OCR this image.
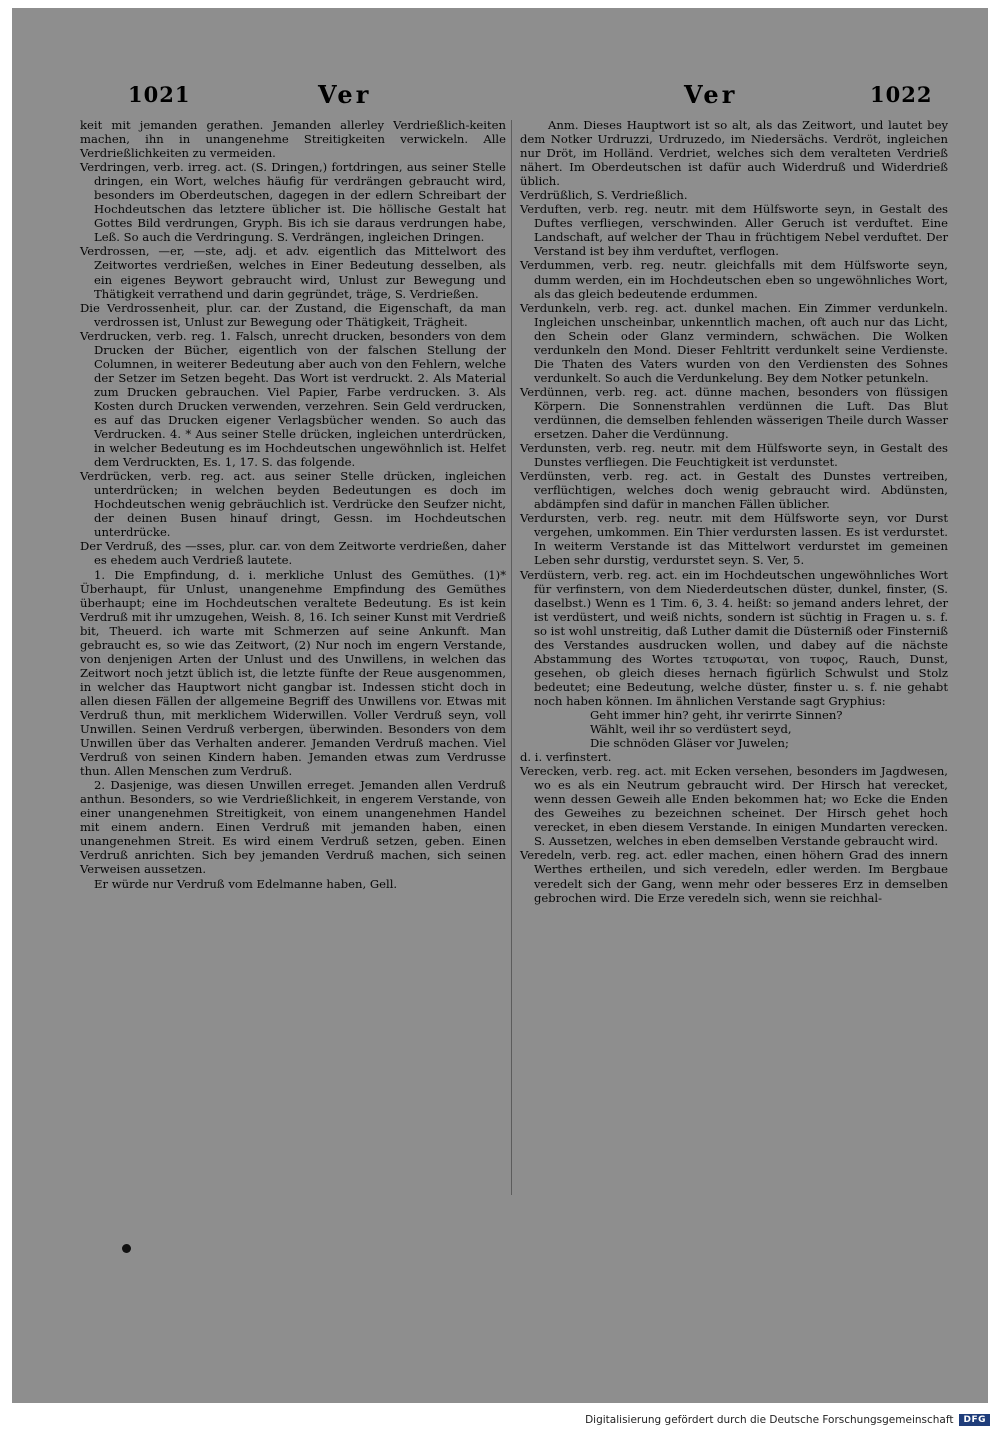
1021	Ver	Ver	1022

keit mit jemanden gerathen. Jemanden allerley Verdrießlich-keiten machen, ihn in unangenehme Streitigkeiten verwickeln. Alle Verdrießlichkeiten zu vermeiden.

Verdringen, verb. irreg. act. (S. Dringen,) fortdringen, aus seiner Stelle dringen, ein Wort, welches häufig für verdrängen gebraucht wird, besonders im Oberdeutschen, dagegen in der edlern Schreibart der Hochdeutschen das letztere üblicher ist. Die höllische Gestalt hat Gottes Bild verdrungen, Gryph. Bis ich sie daraus verdrungen habe, Leß. So auch die Verdringung. S. Verdrängen, ingleichen Dringen.

Verdrossen, —er, —ste, adj. et adv. eigentlich das Mittelwort des Zeitwortes verdrießen, welches in Einer Bedeutung desselben, als ein eigenes Beywort gebraucht wird, Unlust zur Bewegung und Thätigkeit verrathend und darin gegründet, träge, S. Verdrießen.

Die Verdrossenheit, plur. car. der Zustand, die Eigenschaft, da man verdrossen ist, Unlust zur Bewegung oder Thätigkeit, Trägheit.

Verdrucken, verb. reg. 1. Falsch, unrecht drucken, besonders von dem Drucken der Bücher, eigentlich von der falschen Stellung der Columnen, in weiterer Bedeutung aber auch von den Fehlern, welche der Setzer im Setzen begeht. Das Wort ist verdruckt. 2. Als Material zum Drucken gebrauchen. Viel Papier, Farbe verdrucken. 3. Als Kosten durch Drucken verwenden, verzehren. Sein Geld verdrucken, es auf das Drucken eigener Verlagsbücher wenden. So auch das Verdrucken. 4. * Aus seiner Stelle drücken, ingleichen unterdrücken, in welcher Bedeutung es im Hochdeutschen ungewöhnlich ist. Helfet dem Verdruckten, Es. 1, 17. S. das folgende.

Verdrücken, verb. reg. act. aus seiner Stelle drücken, ingleichen unterdrücken; in welchen beyden Bedeutungen es doch im Hochdeutschen wenig gebräuchlich ist. Verdrücke den Seufzer nicht, der deinen Busen hinauf dringt, Gessn. im Hochdeutschen unterdrücke.

Der Verdruß, des —sses, plur. car. von dem Zeitworte verdrießen, daher es ehedem auch Verdrieß lautete.

1. Die Empfindung, d. i. merkliche Unlust des Gemüthes. (1)* Überhaupt, für Unlust, unangenehme Empfindung des Gemüthes überhaupt; eine im Hochdeutschen veraltete Bedeutung. Es ist kein Verdruß mit ihr umzugehen, Weish. 8, 16. Ich seiner Kunst mit Verdrieß bit, Theuerd. ich warte mit Schmerzen auf seine Ankunft. Man gebraucht es, so wie das Zeitwort, (2) Nur noch im engern Verstande, von denjenigen Arten der Unlust und des Unwillens, in welchen das Zeitwort noch jetzt üblich ist, die letzte fünfte der Reue ausgenommen, in welcher das Hauptwort nicht gangbar ist. Indessen sticht doch in allen diesen Fällen der allgemeine Begriff des Unwillens vor. Etwas mit Verdruß thun, mit merklichem Widerwillen. Voller Verdruß seyn, voll Unwillen. Seinen Verdruß verbergen, überwinden. Besonders von dem Unwillen über das Verhalten anderer. Jemanden Verdruß machen. Viel Verdruß von seinen Kindern haben. Jemanden etwas zum Verdrusse thun. Allen Menschen zum Verdruß.

2. Dasjenige, was diesen Unwillen erreget. Jemanden allen Verdruß anthun. Besonders, so wie Verdrießlichkeit, in engerem Verstande, von einer unangenehmen Streitigkeit, von einem unangenehmen Handel mit einem andern. Einen Verdruß mit jemanden haben, einen unangenehmen Streit. Es wird einem Verdruß setzen, geben. Einen Verdruß anrichten. Sich bey jemanden Verdruß machen, sich seinen Verweisen aussetzen.

Er würde nur Verdruß vom Edelmanne haben, Gell.

Anm. Dieses Hauptwort ist so alt, als das Zeitwort, und lautet bey dem Notker Urdruzzi, Urdruzedo, im Niedersächs. Verdröt, ingleichen nur Dröt, im Holländ. Verdriet, welches sich dem veralteten Verdrieß nähert. Im Oberdeutschen ist dafür auch Widerdruß und Widerdrieß üblich.

Verdrüßlich, S. Verdrießlich.

Verduften, verb. reg. neutr. mit dem Hülfsworte seyn, in Gestalt des Duftes verfliegen, verschwinden. Aller Geruch ist verduftet. Eine Landschaft, auf welcher der Thau in früchtigem Nebel verduftet. Der Verstand ist bey ihm verduftet, verflogen.

Verdummen, verb. reg. neutr. gleichfalls mit dem Hülfsworte seyn, dumm werden, ein im Hochdeutschen eben so ungewöhnliches Wort, als das gleich bedeutende erdummen.

Verdunkeln, verb. reg. act. dunkel machen. Ein Zimmer verdunkeln. Ingleichen unscheinbar, unkenntlich machen, oft auch nur das Licht, den Schein oder Glanz vermindern, schwächen. Die Wolken verdunkeln den Mond. Dieser Fehltritt verdunkelt seine Verdienste. Die Thaten des Vaters wurden von den Verdiensten des Sohnes verdunkelt. So auch die Verdunkelung. Bey dem Notker petunkeln.

Verdünnen, verb. reg. act. dünne machen, besonders von flüssigen Körpern. Die Sonnenstrahlen verdünnen die Luft. Das Blut verdünnen, die demselben fehlenden wässerigen Theile durch Wasser ersetzen. Daher die Verdünnung.

Verdunsten, verb. reg. neutr. mit dem Hülfsworte seyn, in Gestalt des Dunstes verfliegen. Die Feuchtigkeit ist verdunstet.

Verdünsten, verb. reg. act. in Gestalt des Dunstes vertreiben, verflüchtigen, welches doch wenig gebraucht wird. Abdünsten, abdämpfen sind dafür in manchen Fällen üblicher.

Verdursten, verb. reg. neutr. mit dem Hülfsworte seyn, vor Durst vergehen, umkommen. Ein Thier verdursten lassen. Es ist verdurstet. In weiterm Verstande ist das Mittelwort verdurstet im gemeinen Leben sehr durstig, verdurstet seyn. S. Ver, 5.

Verdüstern, verb. reg. act. ein im Hochdeutschen ungewöhnliches Wort für verfinstern, von dem Niederdeutschen düster, dunkel, finster, (S. daselbst.) Wenn es 1 Tim. 6, 3. 4. heißt: so jemand anders lehret, der ist verdüstert, und weiß nichts, sondern ist süchtig in Fragen u. s. f. so ist wohl unstreitig, daß Luther damit die Düsterniß oder Finsterniß des Verstandes ausdrucken wollen, und dabey auf die nächste Abstammung des Wortes τετυφωται, von τυφος, Rauch, Dunst, gesehen, ob gleich dieses hernach figürlich Schwulst und Stolz bedeutet; eine Bedeutung, welche düster, finster u. s. f. nie gehabt noch haben können. Im ähnlichen Verstande sagt Gryphius:

Geht immer hin? geht, ihr verirrte Sinnen?

Wählt, weil ihr so verdüstert seyd,

Die schnöden Gläser vor Juwelen;

d. i. verfinstert.

Verecken, verb. reg. act. mit Ecken versehen, besonders im Jagdwesen, wo es als ein Neutrum gebraucht wird. Der Hirsch hat verecket, wenn dessen Geweih alle Enden bekommen hat; wo Ecke die Enden des Geweihes zu bezeichnen scheinet. Der Hirsch gehet hoch verecket, in eben diesem Verstande. In einigen Mundarten verecken. S. Aussetzen, welches in eben demselben Verstande gebraucht wird.

Veredeln, verb. reg. act. edler machen, einen höhern Grad des innern Werthes ertheilen, und sich veredeln, edler werden. Im Bergbaue veredelt sich der Gang, wenn mehr oder besseres Erz in demselben gebrochen wird. Die Erze veredeln sich, wenn sie reichhal-

Digitalisierung gefördert durch die Deutsche Forschungsgemeinschaft	DFG
